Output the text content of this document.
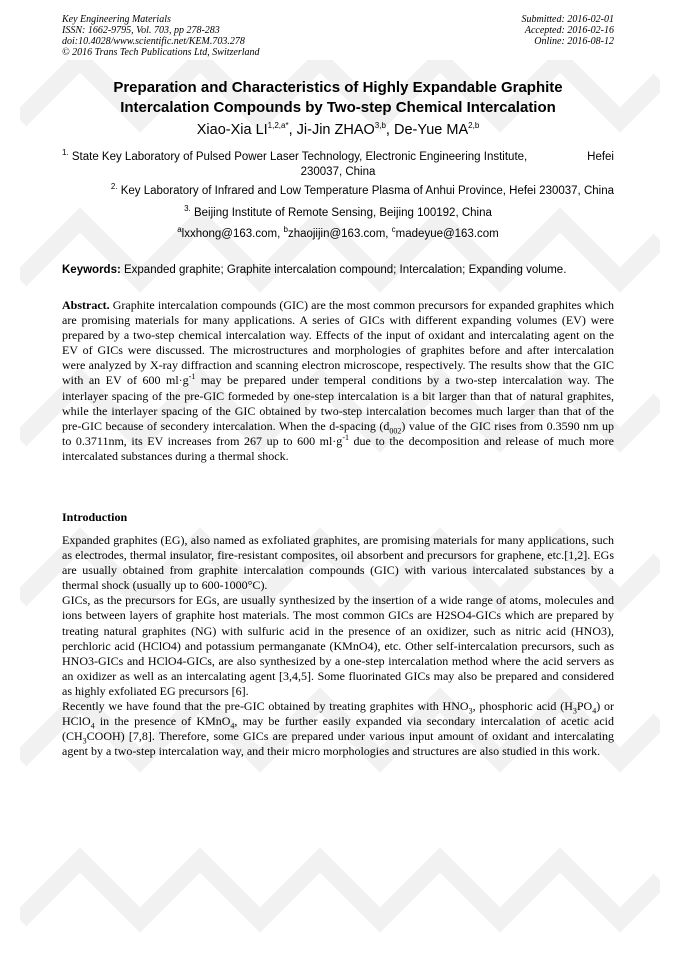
Key Engineering Materials
ISSN: 1662-9795, Vol. 703, pp 278-283
doi:10.4028/www.scientific.net/KEM.703.278
© 2016 Trans Tech Publications Ltd, Switzerland
Submitted: 2016-02-01
Accepted: 2016-02-16
Online: 2016-08-12
Preparation and Characteristics of Highly Expandable Graphite
Intercalation Compounds by Two-step Chemical Intercalation
Xiao-Xia $LI^{1,2,a*}$, Ji-Jin ZHAO$^{3,b}$, De-Yue MA$^{2,b}$
$^{1.}$ State Key Laboratory of Pulsed Power Laser Technology, Electronic Engineering Institute,	Hefei
230037, China
$^{2.}$ Key Laboratory of Infrared and Low Temperature Plasma of Anhui Province, Hefei 230037, China
$^{3.}$ Beijing Institute of Remote Sensing, Beijing 100192, China
$^a$lxxhong@163.com, $^b$zhaojijin@163.com, $^c$madeyue@163.com
Keywords: Expanded graphite; Graphite intercalation compound; Intercalation; Expanding volume.

Abstract. Graphite intercalation compounds (GIC) are the most common precursors for expanded graphites which are promising materials for many applications. A series of GICs with different expanding volumes (EV) were prepared by a two-step chemical intercalation way. Effects of the input of oxidant and intercalating agent on the EV of GICs were discussed. The microstructures and morphologies of graphites before and after intercalation were analyzed by X-ray diffraction and scanning electron microscope, respectively. The results show that the GIC with an EV of 600 $ml\cdot g^{-1}$ may be prepared under temperal conditions by a two-step intercalation way. The interlayer spacing of the pre-GIC formeded by one-step intercalation is a bit larger than that of natural graphites, while the interlayer spacing of the GIC obtained by two-step intercalation becomes much larger than that of the pre-GIC because of secondery intercalation. When the d-spacing $(d_{002})$ value of the GIC rises from 0.3590 nm up to 0.3711nm, its EV increases from 267 up to 600 $ml\cdot g^{-1}$ due to the decomposition and release of much more intercalated substances during a thermal shock.

Introduction

Expanded graphites (EG), also named as exfoliated graphites, are promising materials for many applications, such as electrodes, thermal insulator, fire-resistant composites, oil absorbent and precursors for graphene, etc.[1,2]. EGs are usually obtained from graphite intercalation compounds (GIC) with various intercalated substances by a thermal shock (usually up to 600-1000°C).

GICs, as the precursors for EGs, are usually synthesized by the insertion of a wide range of atoms, molecules and ions between layers of graphite host materials. The most common GICs are H2SO4-GICs which are prepared by treating natural graphites (NG) with sulfuric acid in the presence of an oxidizer, such as nitric acid (HNO3), perchloric acid (HClO4) and potassium permanganate (KMnO4), etc. Other self-intercalation precursors, such as HNO3-GICs and HClO4-GICs, are also synthesized by a one-step intercalation method where the acid servers as an oxidizer as well as an intercalating agent [3,4,5]. Some fluorinated GICs may also be prepared and considered as highly exfoliated EG precursors [6].

Recently we have found that the pre-GIC obtained by treating graphites with $HNO_3$, phosphoric acid $(H_3PO_4)$ or HClO$_4$ in the presence of KMnO$_4$, may be further easily expanded via secondary intercalation of acetic acid $(CH_3COOH)$ [7,8]. Therefore, some GICs are prepared under various input amount of oxidant and intercalating agent by a two-step intercalation way, and their micro morphologies and structures are also studied in this work.
